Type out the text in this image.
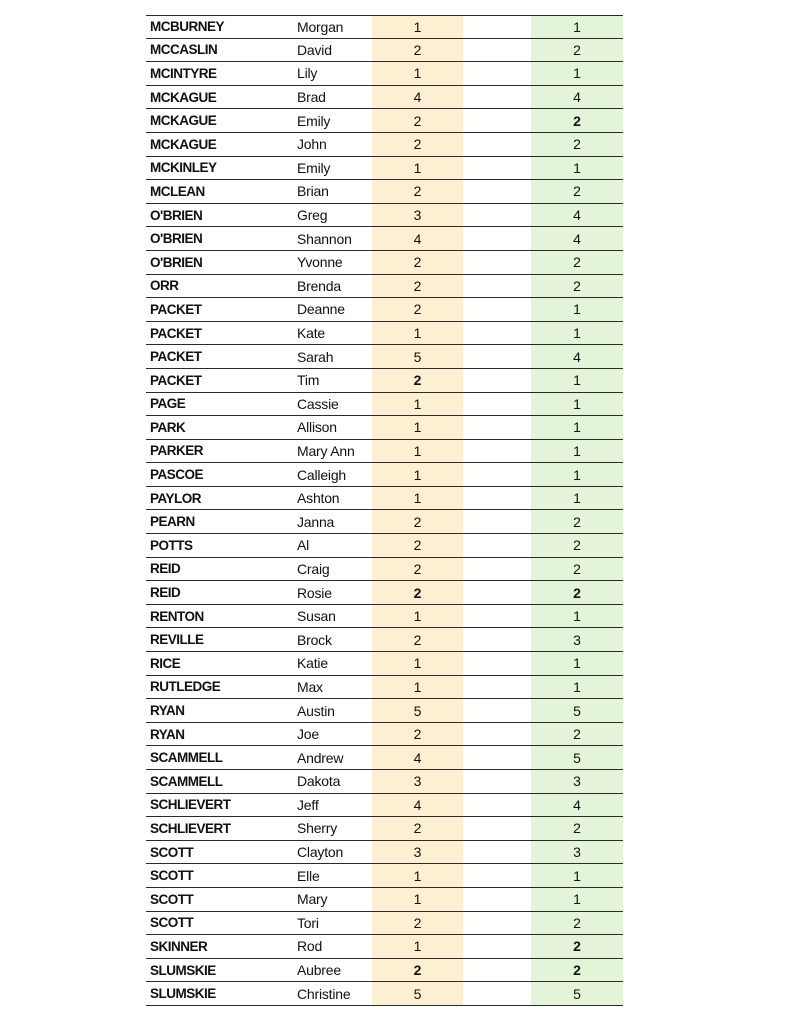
MCBURNEY	Morgan	1	1
MCCASLIN	David	2	2
MCINTYRE	Lily	1	1
MCKAGUE	Brad	4	4
MCKAGUE	Emily	2	2
MCKAGUE	John	2	2
MCKINLEY	Emily	1	1
MCLEAN	Brian	2	2
O'BRIEN	Greg	3	4
O'BRIEN	Shannon	4	4
O'BRIEN	Yvonne	2	2
ORR	Brenda	2	2
PACKET	Deanne	2	1
PACKET	Kate	1	1
PACKET	Sarah	5	4
PACKET	Tim	2	1
PAGE	Cassie	1	1
PARK	Allison	1	1
PARKER	Mary Ann	1	1
PASCOE	Calleigh	1	1
PAYLOR	Ashton	1	1
PEARN	Janna	2	2
POTTS	Al	2	2
REID	Craig	2	2
REID	Rosie	2	2
RENTON	Susan	1	1
REVILLE	Brock	2	3
RICE	Katie	1	1
RUTLEDGE	Max	1	1
RYAN	Austin	5	5
RYAN	Joe	2	2
SCAMMELL	Andrew	4	5
SCAMMELL	Dakota	3	3
SCHLIEVERT	Jeff	4	4
SCHLIEVERT	Sherry	2	2
SCOTT	Clayton	3	3
SCOTT	Elle	1	1
SCOTT	Mary	1	1
SCOTT	Tori	2	2
SKINNER	Rod	1	2
SLUMSKIE	Aubree	2	2
SLUMSKIE	Christine	5	5
